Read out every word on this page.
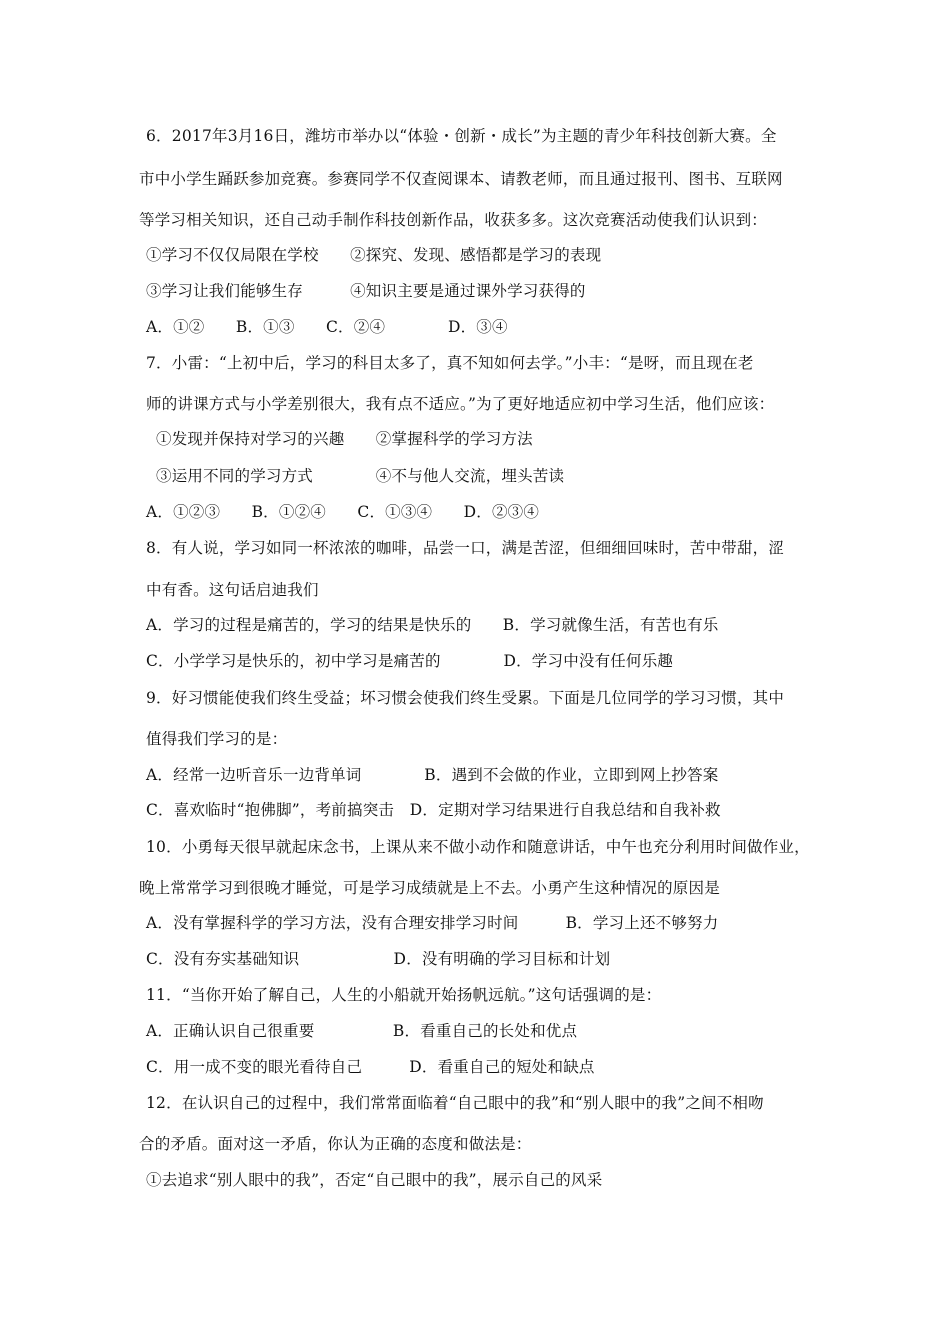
6．2017年3月16日，潍坊市举办以“体验・创新・成长”为主题的青少年科技创新大赛。全
市中小学生踊跃参加竞赛。参赛同学不仅查阅课本、请教老师，而且通过报刊、图书、互联网
等学习相关知识，还自己动手制作科技创新作品，收获多多。这次竞赛活动使我们认识到：
①学习不仅仅局限在学校　　②探究、发现、感悟都是学习的表现
③学习让我们能够生存　　　④知识主要是通过课外学习获得的
A．①②　　B．①③　　C．②④　　　　D．③④
7．小雷：“上初中后，学习的科目太多了，真不知如何去学。”小丰：“是呀，而且现在老
师的讲课方式与小学差别很大，我有点不适应。”为了更好地适应初中学习生活，他们应该：
①发现并保持对学习的兴趣　　②掌握科学的学习方法
③运用不同的学习方式　　　　④不与他人交流，埋头苦读
A．①②③　　B．①②④　　C．①③④　　D．②③④
8．有人说，学习如同一杯浓浓的咖啡，品尝一口，满是苦涩，但细细回味时，苦中带甜，涩
中有香。这句话启迪我们
A．学习的过程是痛苦的，学习的结果是快乐的　　B．学习就像生活，有苦也有乐
C．小学学习是快乐的，初中学习是痛苦的　　　　D．学习中没有任何乐趣
9．好习惯能使我们终生受益；坏习惯会使我们终生受累。下面是几位同学的学习习惯，其中
值得我们学习的是：
A．经常一边听音乐一边背单词　　　　B．遇到不会做的作业，立即到网上抄答案
C．喜欢临时“抱佛脚”，考前搞突击　D．定期对学习结果进行自我总结和自我补救
10．小勇每天很早就起床念书，上课从来不做小动作和随意讲话，中午也充分利用时间做作业，
晚上常常学习到很晚才睡觉，可是学习成绩就是上不去。小勇产生这种情况的原因是
A．没有掌握科学的学习方法，没有合理安排学习时间　　　B．学习上还不够努力
C．没有夯实基础知识　　　　　　D．没有明确的学习目标和计划
11．“当你开始了解自己，人生的小船就开始扬帆远航。”这句话强调的是：
A．正确认识自己很重要　　　　　B．看重自己的长处和优点
C．用一成不变的眼光看待自己　　　D．看重自己的短处和缺点
12．在认识自己的过程中，我们常常面临着“自己眼中的我”和“别人眼中的我”之间不相吻
合的矛盾。面对这一矛盾，你认为正确的态度和做法是：
①去追求“别人眼中的我”，否定“自己眼中的我”，展示自己的风采
